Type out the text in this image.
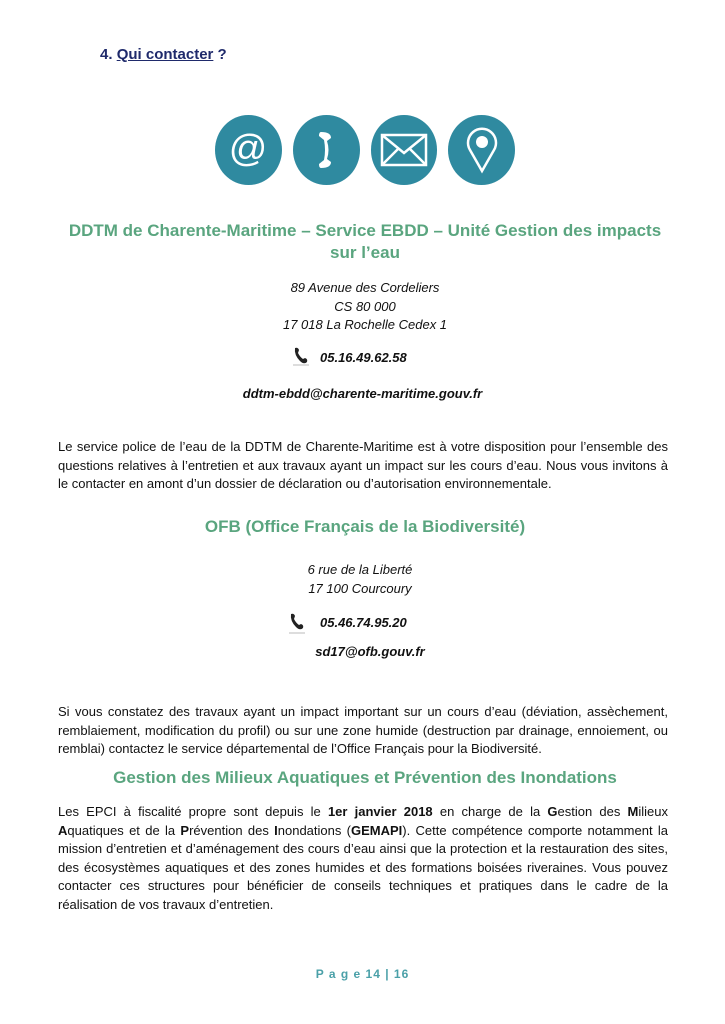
4. Qui contacter ?
@
DDTM de Charente-Maritime – Service EBDD – Unité Gestion des impacts sur l’eau
89 Avenue des Cordeliers
CS 80 000
17 018 La Rochelle Cedex 1
05.16.49.62.58
ddtm-ebdd@charente-maritime.gouv.fr
Le service police de l’eau de la DDTM de Charente-Maritime est à votre disposition pour l’ensemble des questions relatives à l’entretien et aux travaux ayant un impact sur les cours d’eau. Nous vous invitons à le contacter en amont d’un dossier de déclaration ou d’autorisation environnementale.
OFB (Office Français de la Biodiversité)
6 rue de la Liberté
17 100 Courcoury
05.46.74.95.20
sd17@ofb.gouv.fr
Si vous constatez des travaux ayant un impact important sur un cours d’eau (déviation, assèchement, remblaiement, modification du profil) ou sur une zone humide (destruction par drainage, ennoiement, ou remblai) contactez le service départemental de l’Office Français pour la Biodiversité.
Gestion des Milieux Aquatiques et Prévention des Inondations
Les EPCI à fiscalité propre sont depuis le 1er janvier 2018 en charge de la Gestion des Milieux Aquatiques et de la Prévention des Inondations (GEMAPI). Cette compétence comporte notamment la mission d’entretien et d’aménagement des cours d’eau ainsi que la protection et la restauration des sites, des écosystèmes aquatiques et des zones humides et des formations boisées riveraines. Vous pouvez contacter ces structures pour bénéficier de conseils techniques et pratiques dans le cadre de la réalisation de vos travaux d’entretien.
P a g e 14 | 16
